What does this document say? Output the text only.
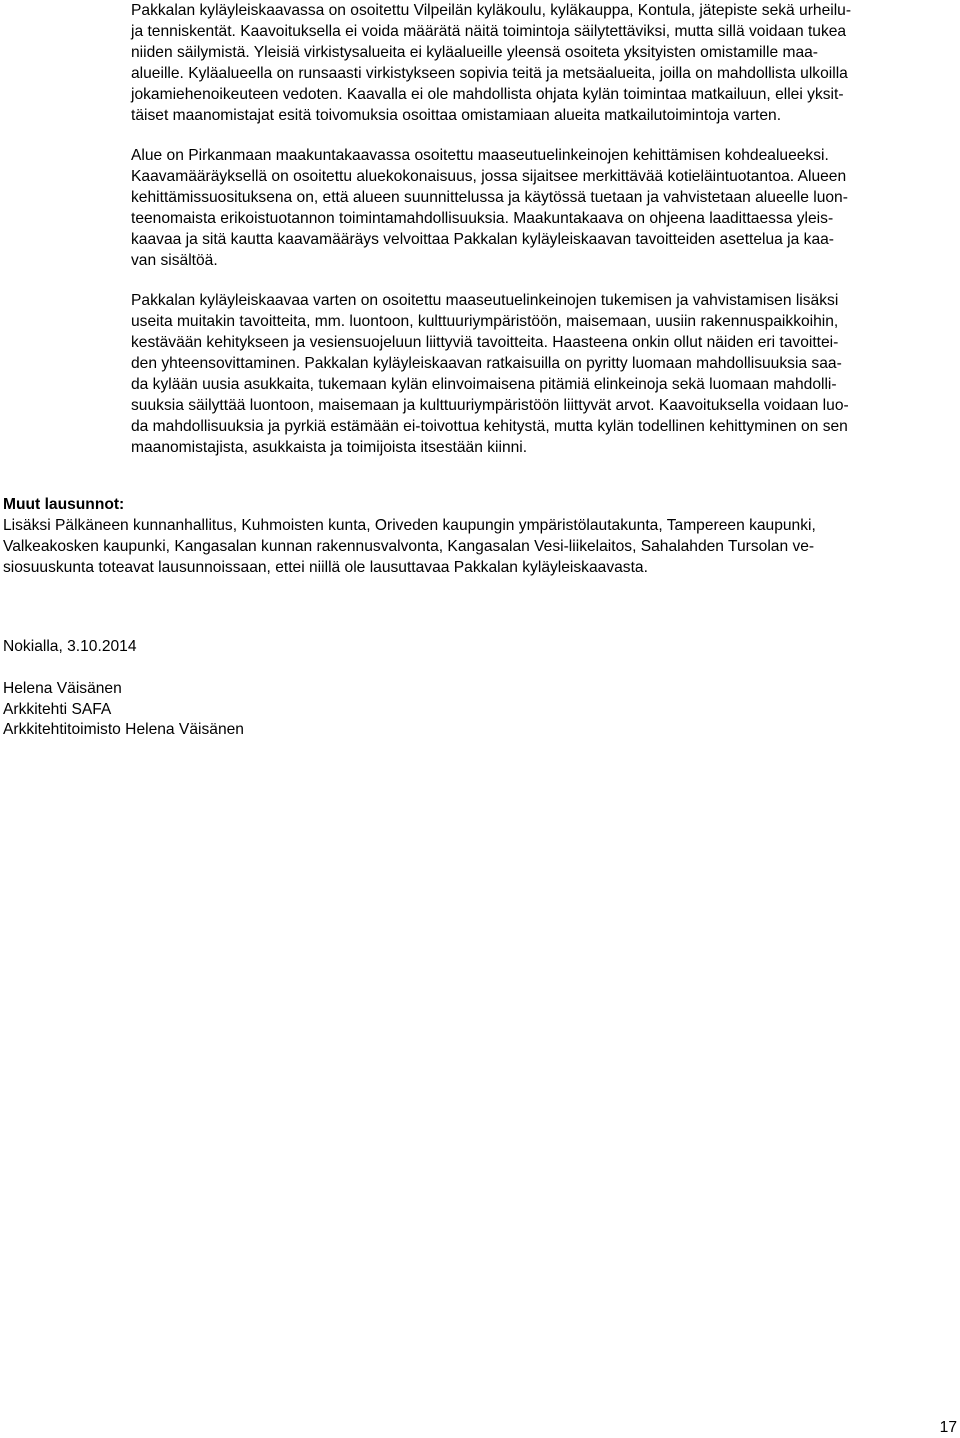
Pakkalan kyläyleiskaavassa on osoitettu Vilpeilän kyläkoulu, kyläkauppa, Kontula, jätepiste sekä urheilu-

ja tenniskentät. Kaavoituksella ei voida määrätä näitä toimintoja säilytettäviksi, mutta sillä voidaan tukea

niiden säilymistä. Yleisiä virkistysalueita ei kyläalueille yleensä osoiteta yksityisten omistamille maa-

alueille. Kyläalueella on runsaasti virkistykseen sopivia teitä ja metsäalueita, joilla on mahdollista ulkoilla

jokamiehenoikeuteen vedoten. Kaavalla ei ole mahdollista ohjata kylän toimintaa matkailuun, ellei yksit-

täiset maanomistajat esitä toivomuksia osoittaa omistamiaan alueita matkailutoimintoja varten.

Alue on Pirkanmaan maakuntakaavassa osoitettu maaseutuelinkeinojen kehittämisen kohdealueeksi.

Kaavamääräyksellä on osoitettu aluekokonaisuus, jossa sijaitsee merkittävää kotieläintuotantoa. Alueen

kehittämissuosituksena on, että alueen suunnittelussa ja käytössä tuetaan ja vahvistetaan alueelle luon-

teenomaista erikoistuotannon toimintamahdollisuuksia. Maakuntakaava on ohjeena laadittaessa yleis-

kaavaa ja sitä kautta kaavamääräys velvoittaa Pakkalan kyläyleiskaavan tavoitteiden asettelua ja kaa-

van sisältöä.

Pakkalan kyläyleiskaavaa varten on osoitettu maaseutuelinkeinojen tukemisen ja vahvistamisen lisäksi

useita muitakin tavoitteita, mm. luontoon, kulttuuriympäristöön, maisemaan, uusiin rakennuspaikkoihin,

kestävään kehitykseen ja vesiensuojeluun liittyviä tavoitteita. Haasteena onkin ollut näiden eri tavoittei-

den yhteensovittaminen. Pakkalan kyläyleiskaavan ratkaisuilla on pyritty luomaan mahdollisuuksia saa-

da kylään uusia asukkaita, tukemaan kylän elinvoimaisena pitämiä elinkeinoja sekä luomaan mahdolli-

suuksia säilyttää luontoon, maisemaan ja kulttuuriympäristöön liittyvät arvot. Kaavoituksella voidaan luo-

da mahdollisuuksia ja pyrkiä estämään ei-toivottua kehitystä, mutta kylän todellinen kehittyminen on sen

maanomistajista, asukkaista ja toimijoista itsestään kiinni.

Muut lausunnot:

Lisäksi Pälkäneen kunnanhallitus, Kuhmoisten kunta, Oriveden kaupungin ympäristölautakunta, Tampereen kaupunki,

Valkeakosken kaupunki, Kangasalan kunnan rakennusvalvonta, Kangasalan Vesi-liikelaitos, Sahalahden Tursolan ve-

siosuuskunta toteavat lausunnoissaan, ettei niillä ole lausuttavaa Pakkalan kyläyleiskaavasta.

Nokialla, 3.10.2014

Helena Väisänen

Arkkitehti SAFA

Arkkitehtitoimisto Helena Väisänen

17
